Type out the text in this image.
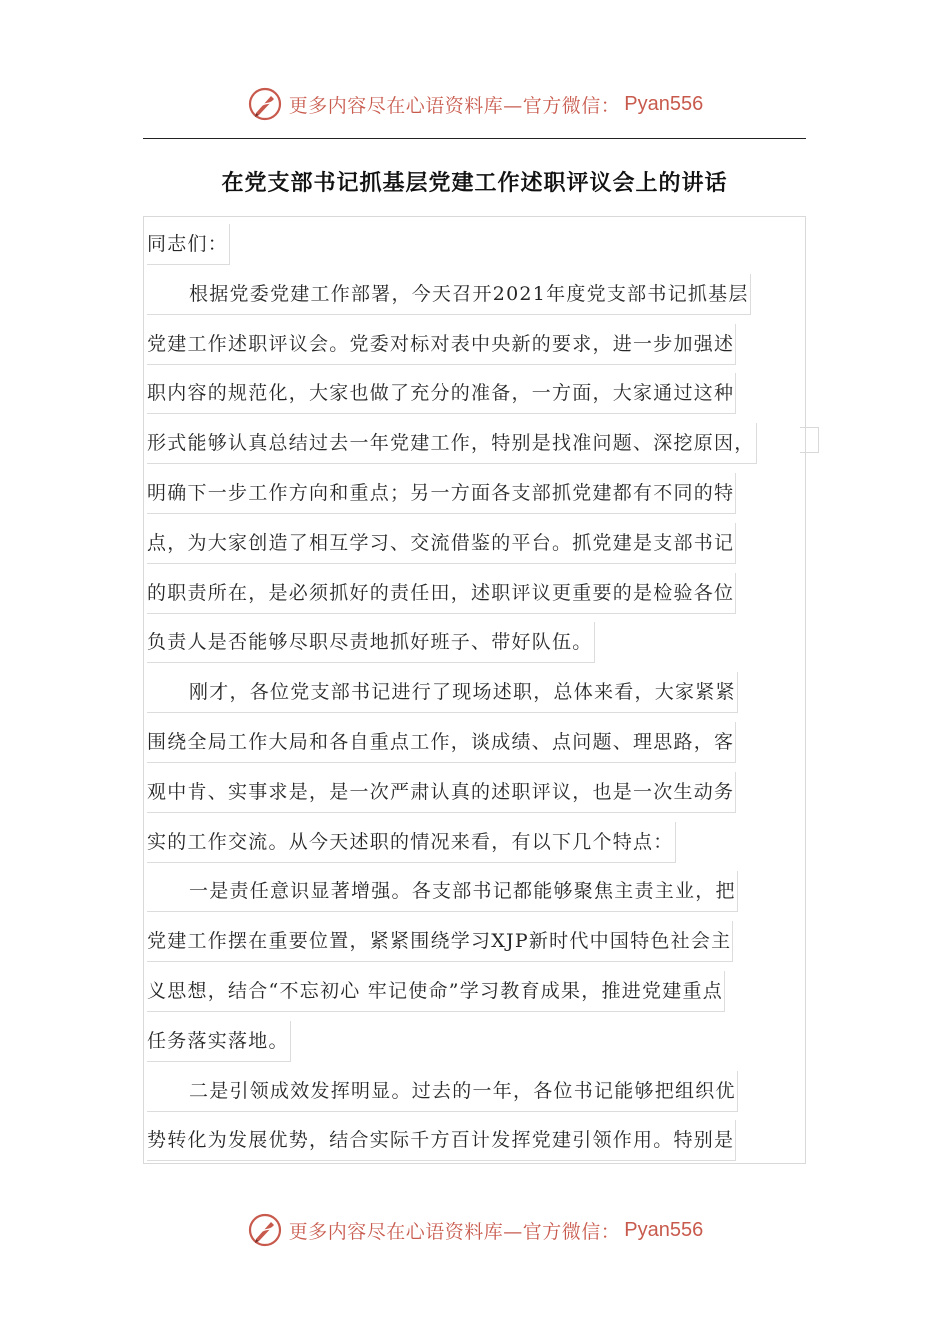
更多内容尽在心语资料库—官方微信： Pyan556
在党支部书记抓基层党建工作述职评议会上的讲话
同志们：
根据党委党建工作部署，今天召开2021年度党支部书记抓基层
党建工作述职评议会。党委对标对表中央新的要求，进一步加强述
职内容的规范化，大家也做了充分的准备，一方面，大家通过这种
形式能够认真总结过去一年党建工作，特别是找准问题、深挖原因，
明确下一步工作方向和重点；另一方面各支部抓党建都有不同的特
点，为大家创造了相互学习、交流借鉴的平台。抓党建是支部书记
的职责所在，是必须抓好的责任田，述职评议更重要的是检验各位
负责人是否能够尽职尽责地抓好班子、带好队伍。
刚才，各位党支部书记进行了现场述职，总体来看，大家紧紧
围绕全局工作大局和各自重点工作，谈成绩、点问题、理思路，客
观中肯、实事求是，是一次严肃认真的述职评议，也是一次生动务
实的工作交流。从今天述职的情况来看，有以下几个特点：
一是责任意识显著增强。各支部书记都能够聚焦主责主业，把
党建工作摆在重要位置，紧紧围绕学习XJP新时代中国特色社会主
义思想，结合“不忘初心 牢记使命”学习教育成果，推进党建重点
任务落实落地。
二是引领成效发挥明显。过去的一年，各位书记能够把组织优
势转化为发展优势，结合实际千方百计发挥党建引领作用。特别是
更多内容尽在心语资料库—官方微信： Pyan556
